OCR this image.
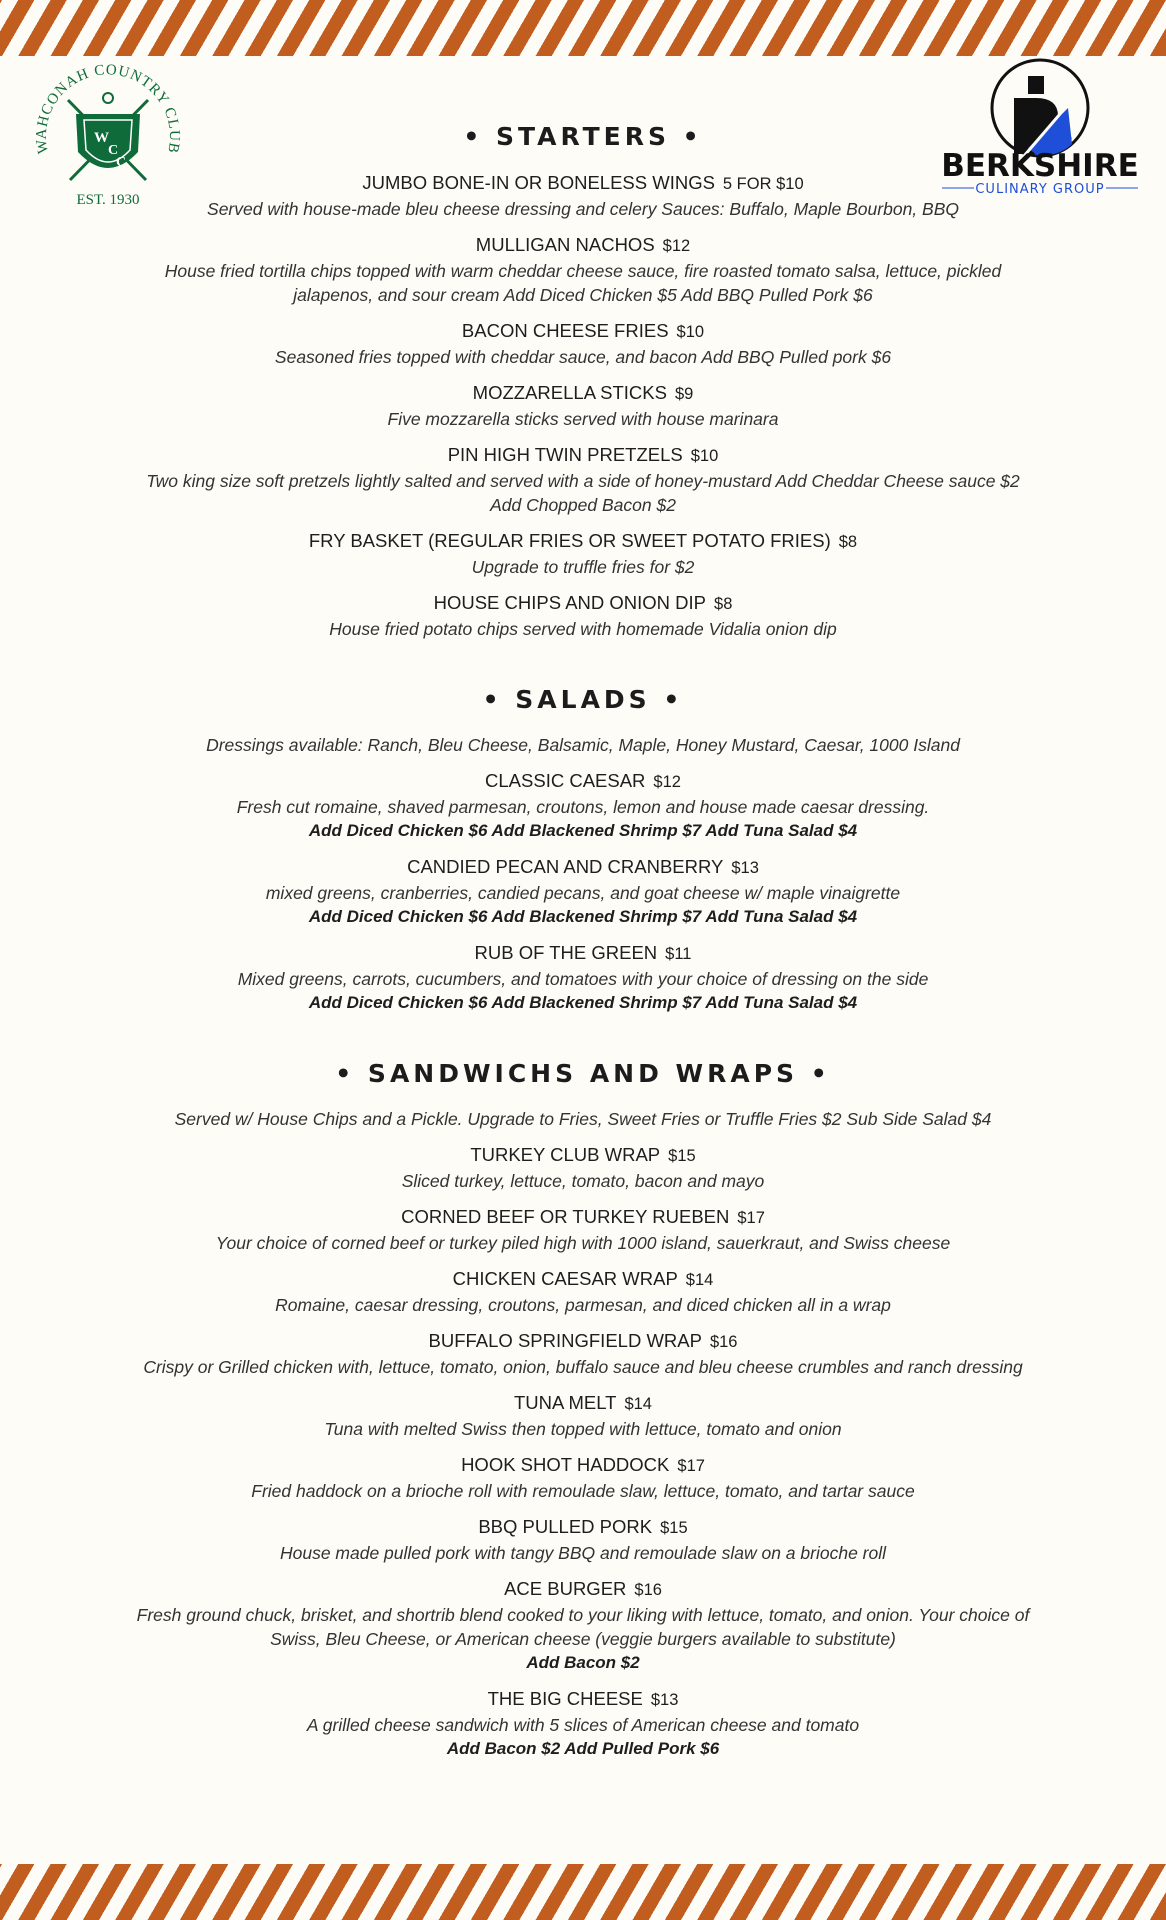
WAHCONAH COUNTRY CLUB
W
C
C
EST. 1930
BERKSHIRE
CULINARY GROUP
• STARTERS •
JUMBO BONE-IN OR BONELESS WINGS 5 FOR $10
Served with house-made bleu cheese dressing and celery Sauces: Buffalo, Maple Bourbon, BBQ
MULLIGAN NACHOS $12
House fried tortilla chips topped with warm cheddar cheese sauce, fire roasted tomato salsa, lettuce, pickled jalapenos, and sour cream Add Diced Chicken $5 Add BBQ Pulled Pork $6
BACON CHEESE FRIES $10
Seasoned fries topped with cheddar sauce, and bacon Add BBQ Pulled pork $6
MOZZARELLA STICKS $9
Five mozzarella sticks served with house marinara
PIN HIGH TWIN PRETZELS $10
Two king size soft pretzels lightly salted and served with a side of honey-mustard Add Cheddar Cheese sauce $2 Add Chopped Bacon $2
FRY BASKET (REGULAR FRIES OR SWEET POTATO FRIES) $8
Upgrade to truffle fries for $2
HOUSE CHIPS AND ONION DIP $8
House fried potato chips served with homemade Vidalia onion dip
• SALADS •
Dressings available: Ranch, Bleu Cheese, Balsamic, Maple, Honey Mustard, Caesar, 1000 Island
CLASSIC CAESAR $12
Fresh cut romaine, shaved parmesan, croutons, lemon and house made caesar dressing.
Add Diced Chicken $6 Add Blackened Shrimp $7 Add Tuna Salad $4
CANDIED PECAN AND CRANBERRY $13
mixed greens, cranberries, candied pecans, and goat cheese w/ maple vinaigrette
Add Diced Chicken $6 Add Blackened Shrimp $7 Add Tuna Salad $4
RUB OF THE GREEN $11
Mixed greens, carrots, cucumbers, and tomatoes with your choice of dressing on the side
Add Diced Chicken $6 Add Blackened Shrimp $7 Add Tuna Salad $4
• SANDWICHS AND WRAPS •
Served w/ House Chips and a Pickle. Upgrade to Fries, Sweet Fries or Truffle Fries $2 Sub Side Salad $4
TURKEY CLUB WRAP $15
Sliced turkey, lettuce, tomato, bacon and mayo
CORNED BEEF OR TURKEY RUEBEN $17
Your choice of corned beef or turkey piled high with 1000 island, sauerkraut, and Swiss cheese
CHICKEN CAESAR WRAP $14
Romaine, caesar dressing, croutons, parmesan, and diced chicken all in a wrap
BUFFALO SPRINGFIELD WRAP $16
Crispy or Grilled chicken with, lettuce, tomato, onion, buffalo sauce and bleu cheese crumbles and ranch dressing
TUNA MELT $14
Tuna with melted Swiss then topped with lettuce, tomato and onion
HOOK SHOT HADDOCK $17
Fried haddock on a brioche roll with remoulade slaw, lettuce, tomato, and tartar sauce
BBQ PULLED PORK $15
House made pulled pork with tangy BBQ and remoulade slaw on a brioche roll
ACE BURGER $16
Fresh ground chuck, brisket, and shortrib blend cooked to your liking with lettuce, tomato, and onion. Your choice of Swiss, Bleu Cheese, or American cheese (veggie burgers available to substitute)
Add Bacon $2
THE BIG CHEESE $13
A grilled cheese sandwich with 5 slices of American cheese and tomato
Add Bacon $2 Add Pulled Pork $6
